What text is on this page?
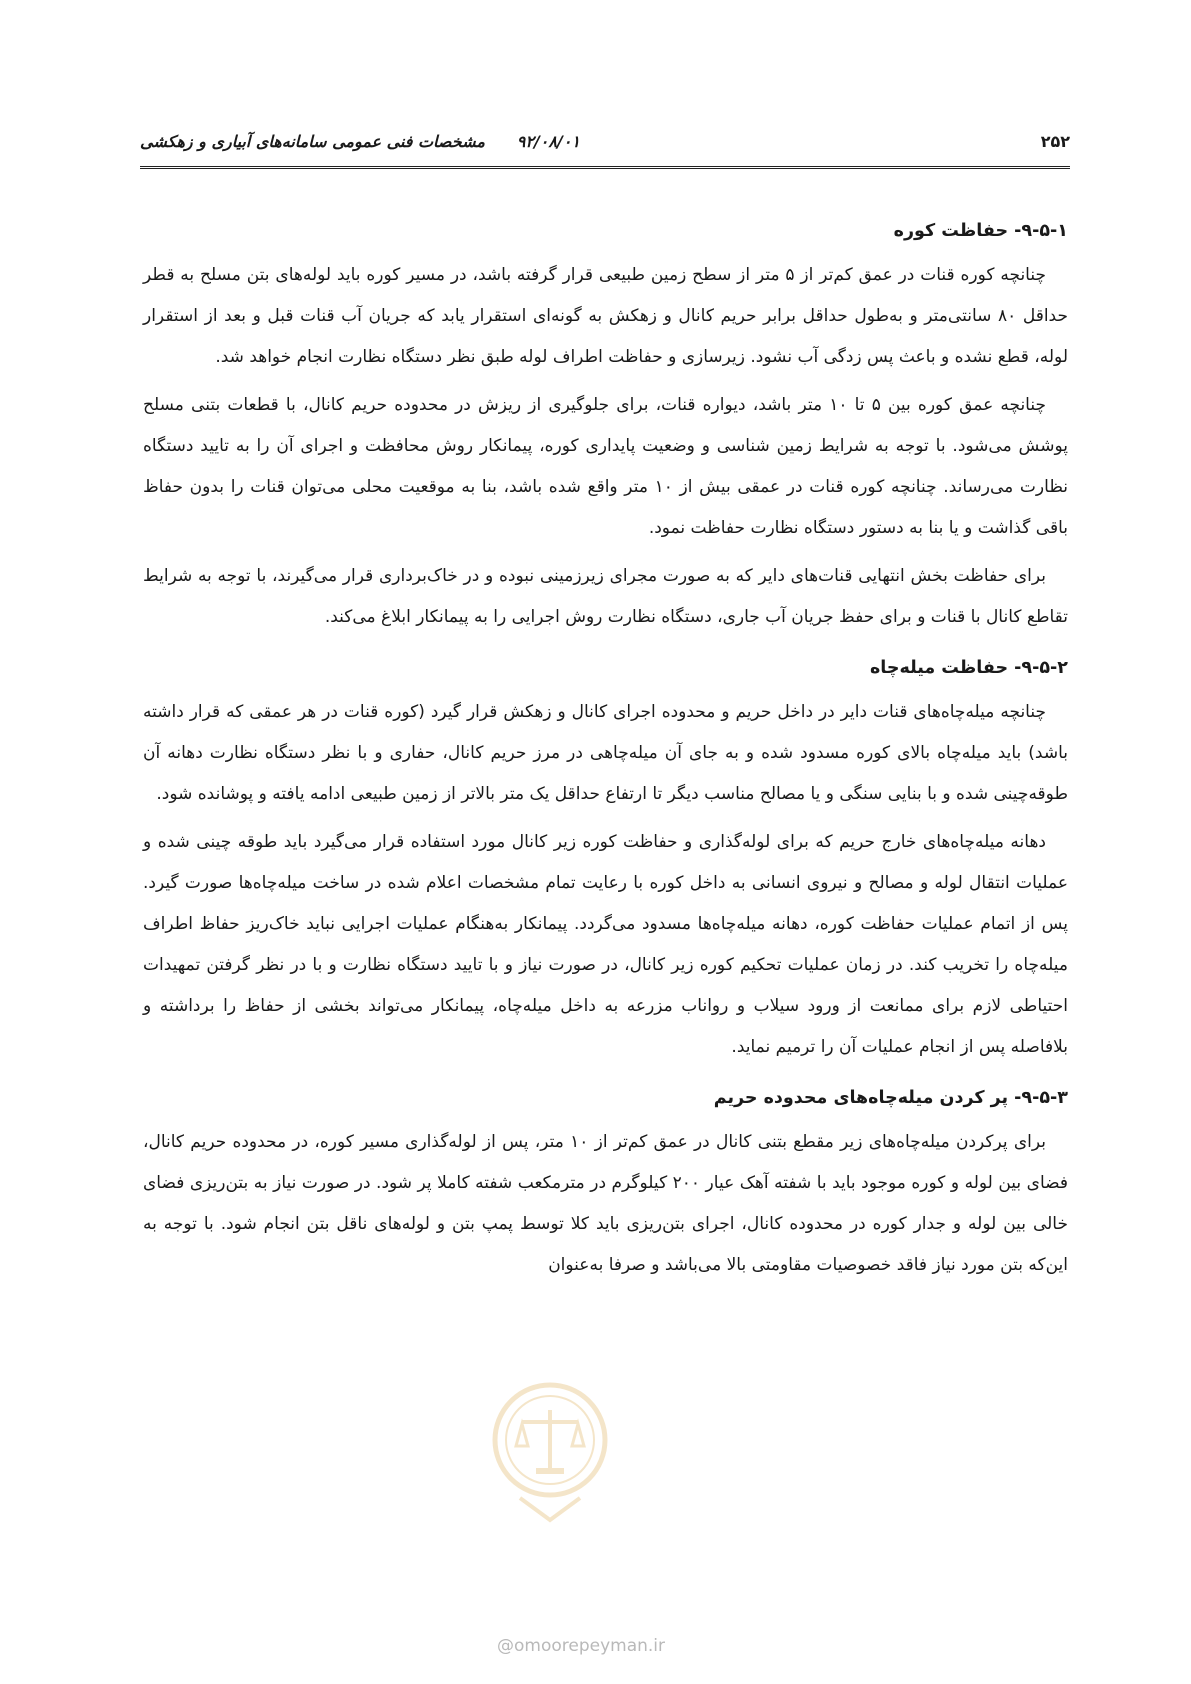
۲۵۲
۹۲/۰۸/۰۱
مشخصات فنی عمومی سامانه‌های آبیاری و زهکشی
۹-۵-۱- حفاظت کوره

چنانچه کوره قنات در عمق کم‌تر از ۵ متر از سطح زمین طبیعی قرار گرفته باشد، در مسیر کوره باید لوله‌های بتن مسلح به قطر حداقل ۸۰ سانتی‌متر و به‌طول حداقل برابر حریم کانال و زهکش به گونه‌ای استقرار یابد که جریان آب قنات قبل و بعد از استقرار لوله، قطع نشده و باعث پس زدگی آب نشود. زیرسازی و حفاظت اطراف لوله طبق نظر دستگاه نظارت انجام خواهد شد.

چنانچه عمق کوره بین ۵ تا ۱۰ متر باشد، دیواره قنات، برای جلوگیری از ریزش در محدوده حریم کانال، با قطعات بتنی مسلح پوشش می‌شود. با توجه به شرایط زمین شناسی و وضعیت پایداری کوره، پیمانکار روش محافظت و اجرای آن را به تایید دستگاه نظارت می‌رساند. چنانچه کوره قنات در عمقی بیش از ۱۰ متر واقع شده باشد، بنا به موقعیت محلی می‌توان قنات را بدون حفاظ باقی گذاشت و یا بنا به دستور دستگاه نظارت حفاظت نمود.

برای حفاظت بخش انتهایی قنات‌های دایر که به صورت مجرای زیرزمینی نبوده و در خاک‌برداری قرار می‌گیرند، با توجه به شرایط تقاطع کانال با قنات و برای حفظ جریان آب جاری، دستگاه نظارت روش اجرایی را به پیمانکار ابلاغ می‌کند.

۹-۵-۲- حفاظت میله‌چاه

چنانچه میله‌چاه‌های قنات دایر در داخل حریم و محدوده اجرای کانال و زهکش قرار گیرد (کوره قنات در هر عمقی که قرار داشته باشد) باید میله‌چاه بالای کوره مسدود شده و به جای آن میله‌چاهی در مرز حریم کانال، حفاری و با نظر دستگاه نظارت دهانه آن طوقه‌چینی شده و با بنایی سنگی و یا مصالح مناسب دیگر تا ارتفاع حداقل یک متر بالاتر از زمین طبیعی ادامه یافته و پوشانده شود.

دهانه میله‌چاه‌های خارج حریم که برای لوله‌گذاری و حفاظت کوره زیر کانال مورد استفاده قرار می‌گیرد باید طوقه چینی شده و عملیات انتقال لوله و مصالح و نیروی انسانی به داخل کوره با رعایت تمام مشخصات اعلام شده در ساخت میله‌چاه‌ها صورت گیرد. پس از اتمام عملیات حفاظت کوره، دهانه میله‌چاه‌ها مسدود می‌گردد. پیمانکار به‌هنگام عملیات اجرایی نباید خاک‌ریز حفاظ اطراف میله‌چاه را تخریب کند. در زمان عملیات تحکیم کوره زیر کانال، در صورت نیاز و با تایید دستگاه نظارت و با در نظر گرفتن تمهیدات احتیاطی لازم برای ممانعت از ورود سیلاب و رواناب مزرعه به داخل میله‌چاه، پیمانکار می‌تواند بخشی از حفاظ را برداشته و بلافاصله پس از انجام عملیات آن را ترمیم نماید.

۹-۵-۳- پر کردن میله‌چاه‌های محدوده حریم

برای پرکردن میله‌چاه‌های زیر مقطع بتنی کانال در عمق کم‌تر از ۱۰ متر، پس از لوله‌گذاری مسیر کوره، در محدوده حریم کانال، فضای بین لوله و کوره موجود باید با شفته آهک عیار ۲۰۰ کیلوگرم در مترمکعب شفته کاملا پر شود. در صورت نیاز به بتن‌ریزی فضای خالی بین لوله و جدار کوره در محدوده کانال، اجرای بتن‌ریزی باید کلا توسط پمپ بتن و لوله‌های ناقل بتن انجام شود. با توجه به این‌که بتن مورد نیاز فاقد خصوصیات مقاومتی بالا می‌باشد و صرفا به‌عنوان

@omoorepeyman.ir
